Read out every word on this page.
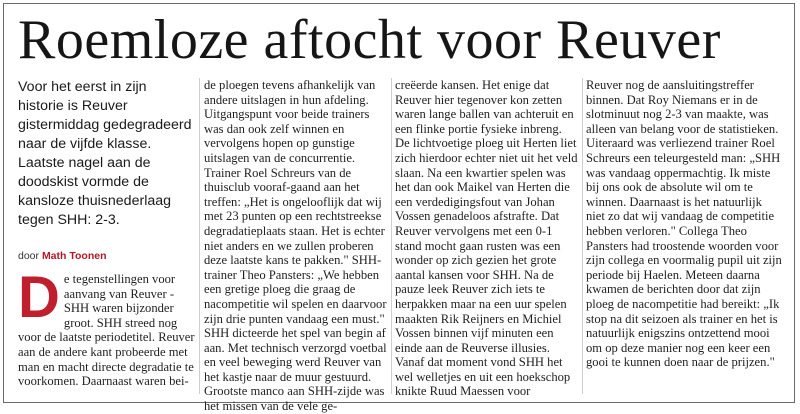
Roemloze aftocht voor Reuver

Voor het eerst in zijn historie is Reuver gistermiddag gedegradeerd naar de vijfde klasse. Laatste nagel aan de doodskist vormde de kansloze thuisnederlaag tegen SHH: 2-3.

door Math Toonen

D e tegenstellingen voor aanvang van Reuver - SHH waren bijzonder groot. SHH streed nog voor de laatste periodetitel. Reuver aan de andere kant probeerde met man en macht directe degradatie te voorkomen. Daarnaast waren bei-

de ploegen tevens afhankelijk van andere uitslagen in hun afdeling. Uitgangspunt voor beide trainers was dan ook zelf winnen en vervolgens hopen op gunstige uitslagen van de concurrentie. Trainer Roel Schreurs van de thuisclub vooraf-gaand aan het treffen: „Het is ongelooflijk dat wij met 23 punten op een rechtstreekse degradatieplaats staan. Het is echter niet anders en we zullen proberen deze laatste kans te pakken." SHH-trainer Theo Pansters: „We hebben een gretige ploeg die graag de nacompetitie wil spelen en daarvoor zijn drie punten vandaag een must." SHH dicteerde het spel van begin af aan. Met technisch verzorgd voetbal en veel beweging werd Reuver van het kastje naar de muur gestuurd. Grootste manco aan SHH-zijde was het missen van de vele ge-

creëerde kansen. Het enige dat Reuver hier tegenover kon zetten waren lange ballen van achteruit en een flinke portie fysieke inbreng. De lichtvoetige ploeg uit Herten liet zich hierdoor echter niet uit het veld slaan. Na een kwartier spelen was het dan ook Maikel van Herten die een verdedigingsfout van Johan Vossen genadeloos afstrafte. Dat Reuver vervolgens met een 0-1 stand mocht gaan rusten was een wonder op zich gezien het grote aantal kansen voor SHH. Na de pauze leek Reuver zich iets te herpakken maar na een uur spelen maakten Rik Reijners en Michiel Vossen binnen vijf minuten een einde aan de Reuverse illusies. Vanaf dat moment vond SHH het wel welletjes en uit een hoekschop knikte Ruud Maessen voor

Reuver nog de aansluitingstreffer binnen. Dat Roy Niemans er in de slotminuut nog 2-3 van maakte, was alleen van belang voor de statistieken. Uiteraard was verliezend trainer Roel Schreurs een teleurgesteld man: „SHH was vandaag oppermachtig. Ik miste bij ons ook de absolute wil om te winnen. Daarnaast is het natuurlijk niet zo dat wij vandaag de competitie hebben verloren." Collega Theo Pansters had troostende woorden voor zijn collega en voormalig pupil uit zijn periode bij Haelen. Meteen daarna kwamen de berichten door dat zijn ploeg de nacompetitie had bereikt: „Ik stop na dit seizoen als trainer en het is natuurlijk enigszins ontzettend mooi om op deze manier nog een keer een gooi te kunnen doen naar de prijzen."
